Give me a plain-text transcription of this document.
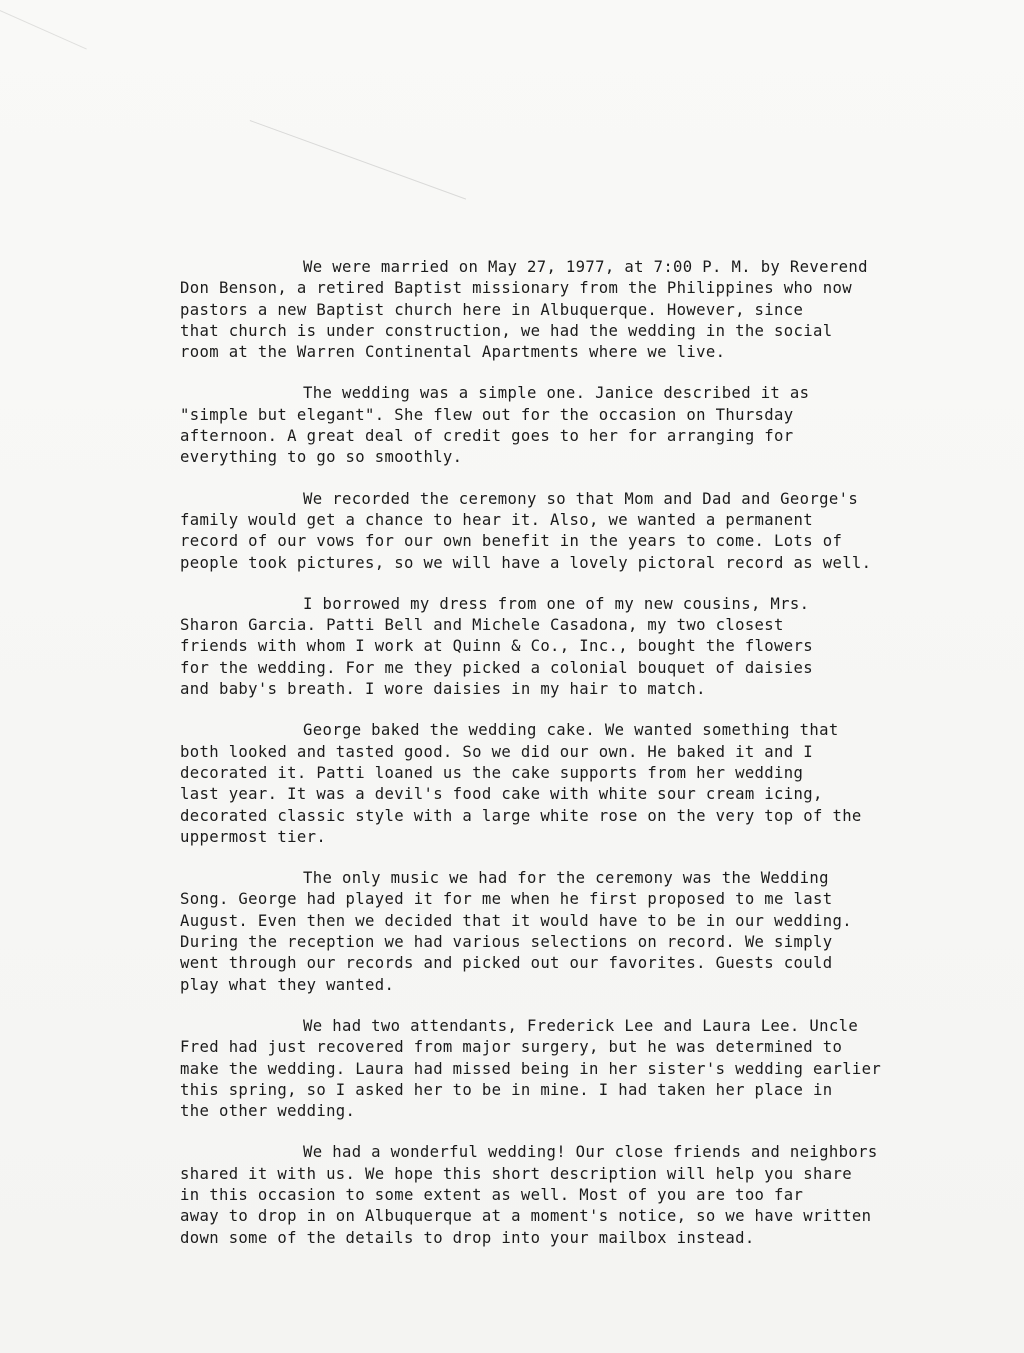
We were married on May 27, 1977, at 7:00 P. M. by Reverend
Don Benson, a retired Baptist missionary from the Philippines who now
pastors a new Baptist church here in Albuquerque. However, since
that church is under construction, we had the wedding in the social
room at the Warren Continental Apartments where we live.
The wedding was a simple one. Janice described it as
"simple but elegant". She flew out for the occasion on Thursday
afternoon. A great deal of credit goes to her for arranging for
everything to go so smoothly.
We recorded the ceremony so that Mom and Dad and George's
family would get a chance to hear it. Also, we wanted a permanent
record of our vows for our own benefit in the years to come. Lots of
people took pictures, so we will have a lovely pictoral record as well.
I borrowed my dress from one of my new cousins, Mrs.
Sharon Garcia. Patti Bell and Michele Casadona, my two closest
friends with whom I work at Quinn & Co., Inc., bought the flowers
for the wedding. For me they picked a colonial bouquet of daisies
and baby's breath. I wore daisies in my hair to match.
George baked the wedding cake. We wanted something that
both looked and tasted good. So we did our own. He baked it and I
decorated it. Patti loaned us the cake supports from her wedding
last year. It was a devil's food cake with white sour cream icing,
decorated classic style with a large white rose on the very top of the
uppermost tier.
The only music we had for the ceremony was the Wedding
Song. George had played it for me when he first proposed to me last
August. Even then we decided that it would have to be in our wedding.
During the reception we had various selections on record. We simply
went through our records and picked out our favorites. Guests could
play what they wanted.
We had two attendants, Frederick Lee and Laura Lee. Uncle
Fred had just recovered from major surgery, but he was determined to
make the wedding. Laura had missed being in her sister's wedding earlier
this spring, so I asked her to be in mine. I had taken her place in
the other wedding.
We had a wonderful wedding! Our close friends and neighbors
shared it with us. We hope this short description will help you share
in this occasion to some extent as well. Most of you are too far
away to drop in on Albuquerque at a moment's notice, so we have written
down some of the details to drop into your mailbox instead.
